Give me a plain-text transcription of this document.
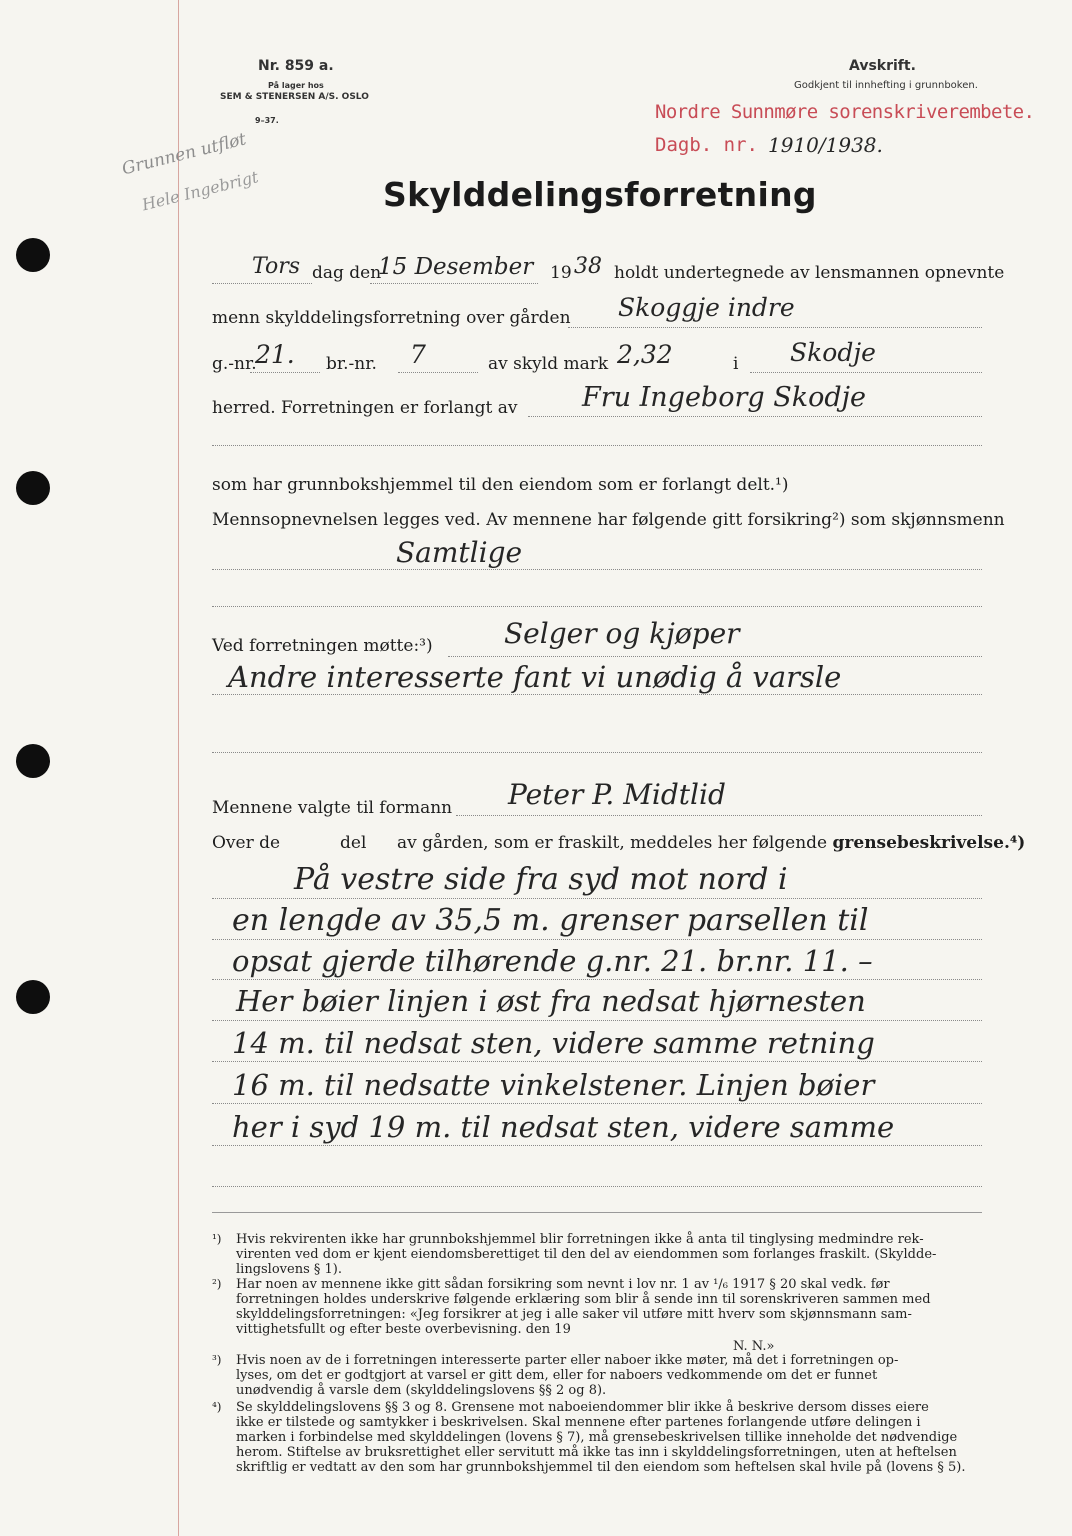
Nr. 859 a.
På lager hos
SEM & STENERSEN A/S. OSLO
9–37.
Avskrift.
Godkjent til innhefting i grunnboken.
Nordre Sunnmøre sorenskriverembete.
Dagb. nr. 1910/1938.
Grunnen utfløt
Hele Ingebrigt	Skylddelingsforretning
Tors dag den
15 Desember 19 38 holdt undertegnede av lensmannen opnevnte
menn skylddelingsforretning over gården Skoggje indre
g.-nr.
21. br.-nr. 7	av skyld mark 2,32	i Skodje
herred. Forretningen er forlangt av Fru Ingeborg Skodje
som har grunnbokshjemmel til den eiendom som er forlangt delt.¹)
Mennsopnevnelsen legges ved. Av mennene har følgende gitt forsikring²) som skjønnsmenn
Samtlige
Ved forretningen møtte:³)	Selger og kjøper
Andre interesserte fant vi unødig å varsle
Mennene valgte til formann Peter P. Midtlid
Over de	del av gården, som er fraskilt, meddeles her følgende grensebeskrivelse.⁴)
På vestre side fra syd mot nord i
en lengde av 35,5 m. grenser parsellen til
opsat gjerde tilhørende g.nr. 21. br.nr. 11. –
Her bøier linjen i øst fra nedsat hjørnesten
14 m. til nedsat sten, videre samme retning
16 m. til nedsatte vinkelstener. Linjen bøier
her i syd 19 m. til nedsat sten, videre samme
¹) Hvis rekvirenten ikke har grunnbokshjemmel blir forretningen ikke å anta til tinglysing medmindre rek-
virenten ved dom er kjent eiendomsberettiget til den del av eiendommen som forlanges fraskilt. (Skyldde-
lingslovens § 1).
²) Har noen av mennene ikke gitt sådan forsikring som nevnt i lov nr. 1 av ¹/₆ 1917 § 20 skal vedk. før
forretningen holdes underskrive følgende erklæring som blir å sende inn til sorenskriveren sammen med
skylddelingsforretningen: «Jeg forsikrer at jeg i alle saker vil utføre mitt hverv som skjønnsmann sam-
vittighetsfullt og efter beste overbevisning. den 19
N. N.»
³) Hvis noen av de i forretningen interesserte parter eller naboer ikke møter, må det i forretningen op-
lyses, om det er godtgjort at varsel er gitt dem, eller for naboers vedkommende om det er funnet
unødvendig å varsle dem (skylddelingslovens §§ 2 og 8).
⁴) Se skylddelingslovens §§ 3 og 8. Grensene mot naboeiendommer blir ikke å beskrive dersom disses eiere
ikke er tilstede og samtykker i beskrivelsen. Skal mennene efter partenes forlangende utføre delingen i
marken i forbindelse med skylddelingen (lovens § 7), må grensebeskrivelsen tillike inneholde det nødvendige
herom. Stiftelse av bruksrettighet eller servitutt må ikke tas inn i skylddelingsforretningen, uten at heftelsen
skriftlig er vedtatt av den som har grunnbokshjemmel til den eiendom som heftelsen skal hvile på (lovens § 5).
